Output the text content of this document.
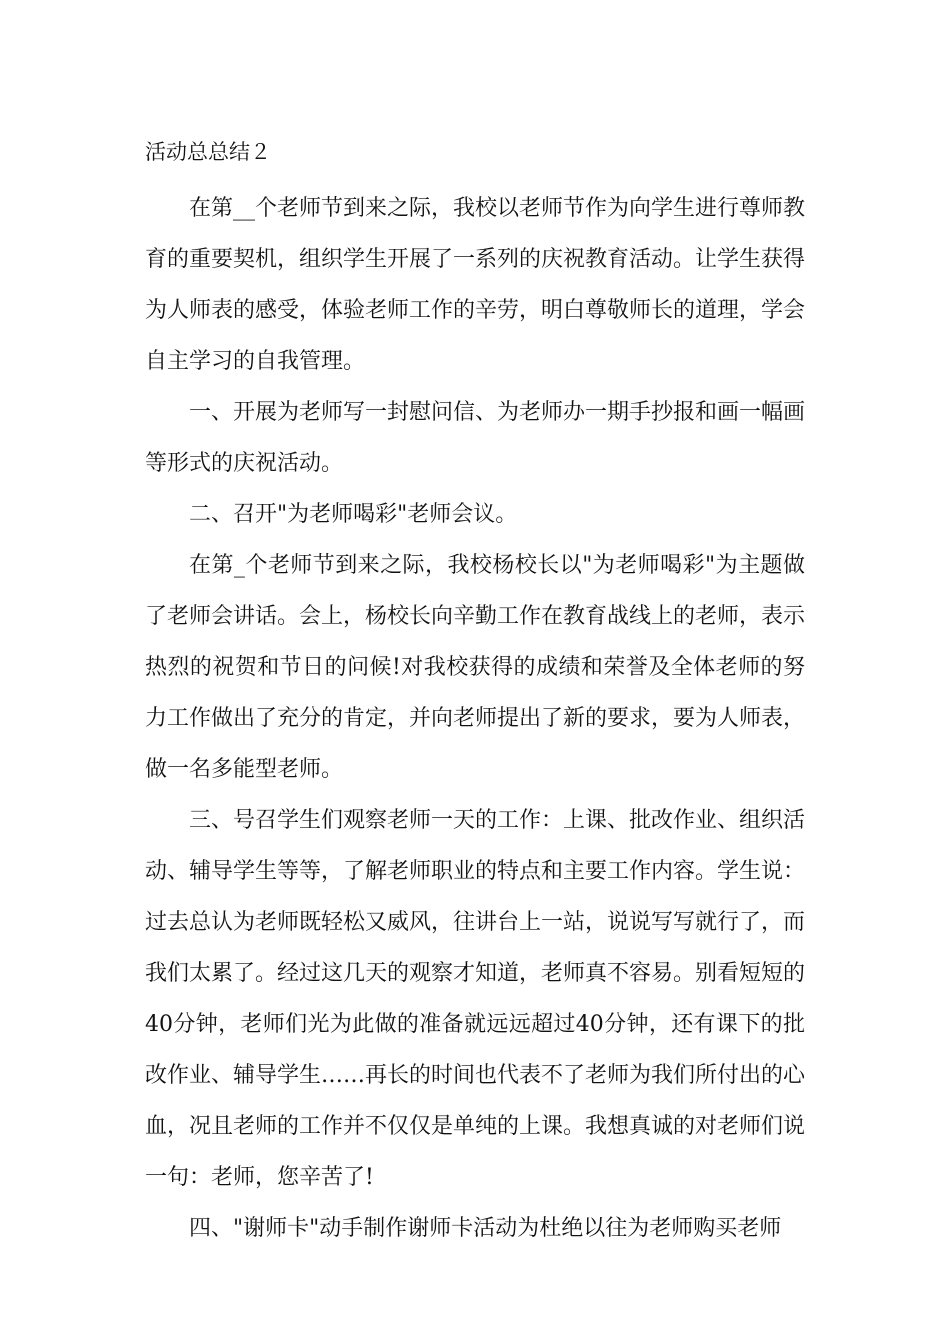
活动总总结２

在第__个老师节到来之际，我校以老师节作为向学生进行尊师教育的重要契机，组织学生开展了一系列的庆祝教育活动。让学生获得为人师表的感受，体验老师工作的辛劳，明白尊敬师长的道理，学会自主学习的自我管理。

一、开展为老师写一封慰问信、为老师办一期手抄报和画一幅画等形式的庆祝活动。

二、召开"为老师喝彩"老师会议。

在第_个老师节到来之际，我校杨校长以"为老师喝彩"为主题做了老师会讲话。会上，杨校长向辛勤工作在教育战线上的老师，表示热烈的祝贺和节日的问候!对我校获得的成绩和荣誉及全体老师的努力工作做出了充分的肯定，并向老师提出了新的要求，要为人师表，做一名多能型老师。

三、号召学生们观察老师一天的工作：上课、批改作业、组织活动、辅导学生等等，了解老师职业的特点和主要工作内容。学生说：过去总认为老师既轻松又威风，往讲台上一站，说说写写就行了，而我们太累了。经过这几天的观察才知道，老师真不容易。别看短短的40分钟，老师们光为此做的准备就远远超过40分钟，还有课下的批改作业、辅导学生……再长的时间也代表不了老师为我们所付出的心血，况且老师的工作并不仅仅是单纯的上课。我想真诚的对老师们说一句：老师，您辛苦了!

四、"谢师卡"动手制作谢师卡活动为杜绝以往为老师购买老师
